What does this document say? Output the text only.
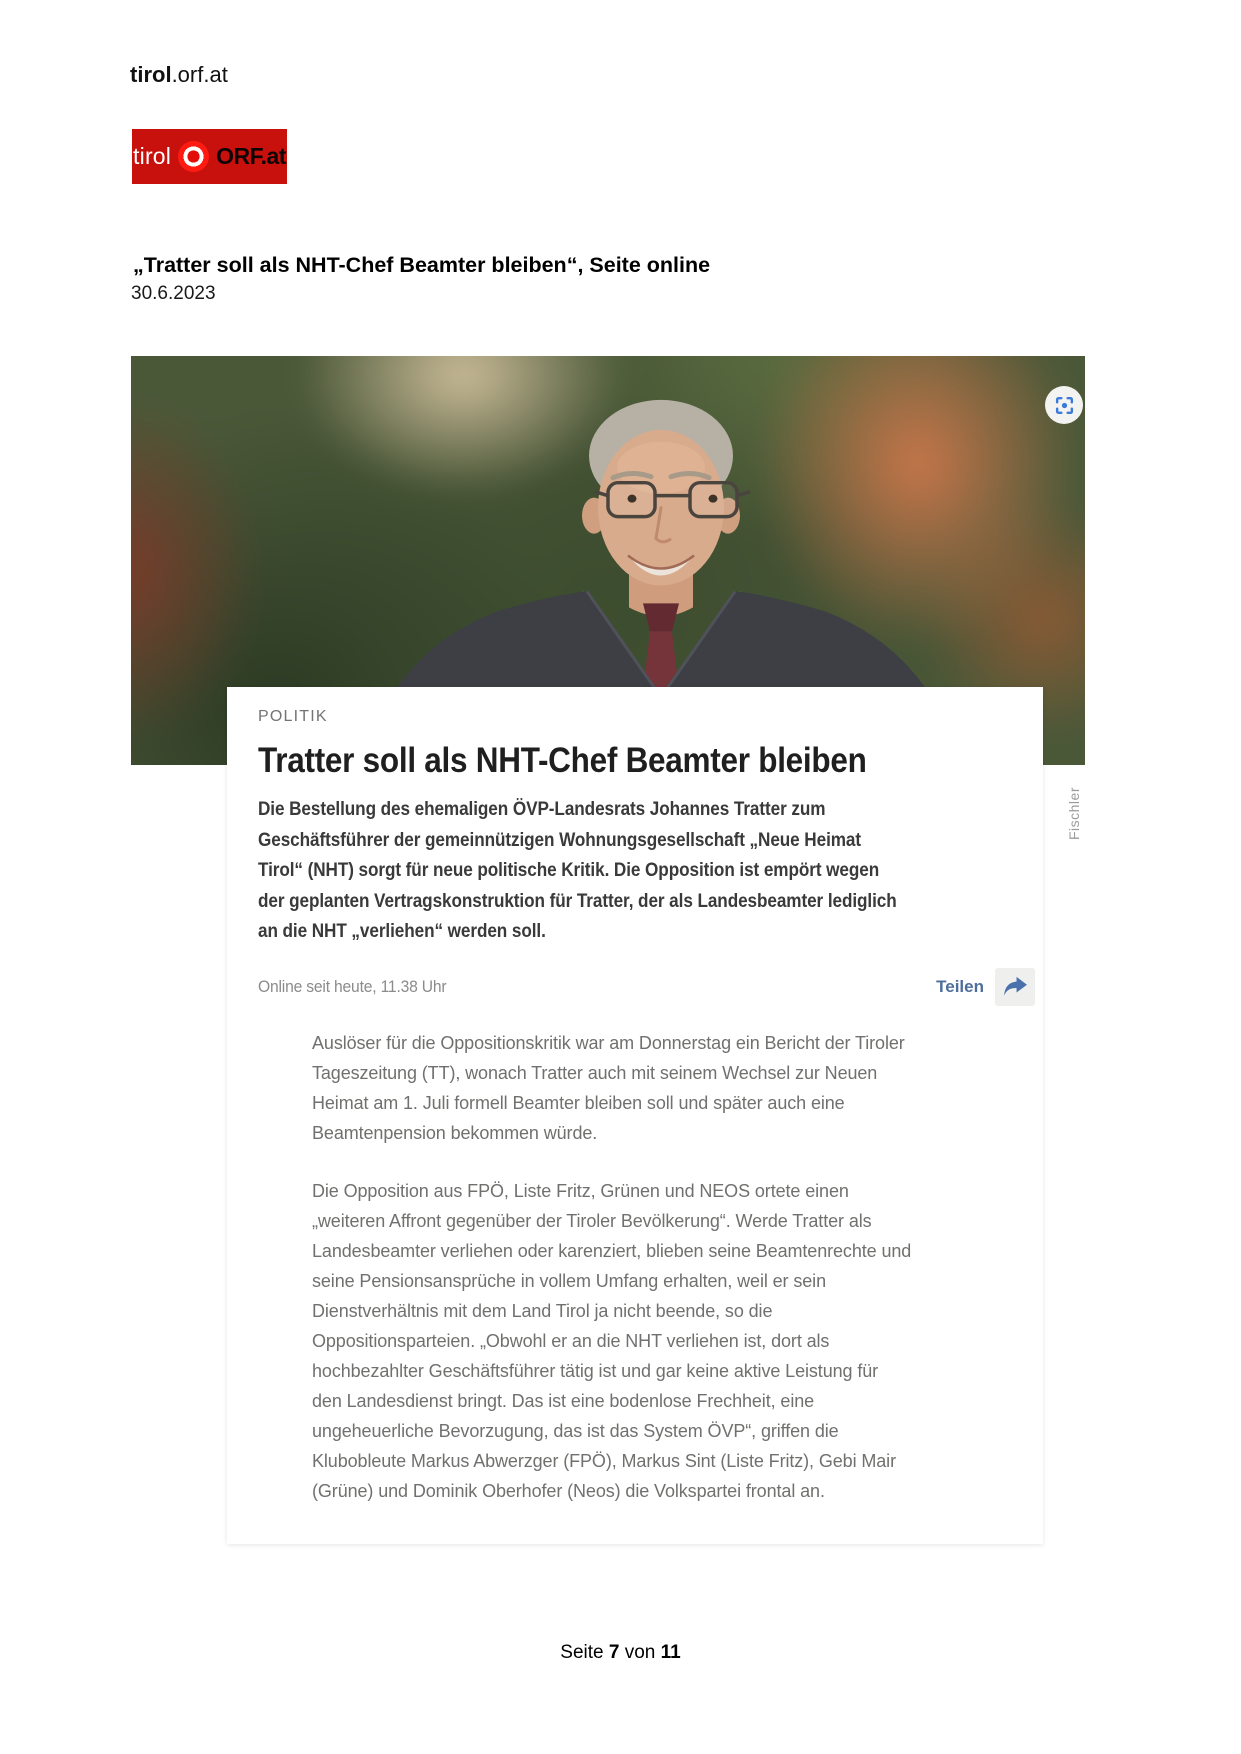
tirol.orf.at
tirol ORF.at
„Tratter soll als NHT-Chef Beamter bleiben“, Seite online
30.6.2023
Fischler
POLITIK
Tratter soll als NHT-Chef Beamter bleiben

Die Bestellung des ehemaligen ÖVP-Landesrats Johannes Tratter zum Geschäftsführer der gemeinnützigen Wohnungsgesellschaft „Neue Heimat Tirol“ (NHT) sorgt für neue politische Kritik. Die Opposition ist empört wegen der geplanten Vertragskonstruktion für Tratter, der als Landesbeamter lediglich an die NHT „verliehen“ werden soll.

Online seit heute, 11.38 Uhr	Teilen

Auslöser für die Oppositionskritik war am Donnerstag ein Bericht der Tiroler Tageszeitung (TT), wonach Tratter auch mit seinem Wechsel zur Neuen Heimat am 1. Juli formell Beamter bleiben soll und später auch eine Beamtenpension bekommen würde.

Die Opposition aus FPÖ, Liste Fritz, Grünen und NEOS ortete einen „weiteren Affront gegenüber der Tiroler Bevölkerung“. Werde Tratter als Landesbeamter verliehen oder karenziert, blieben seine Beamtenrechte und seine Pensionsansprüche in vollem Umfang erhalten, weil er sein Dienstverhältnis mit dem Land Tirol ja nicht beende, so die Oppositionsparteien. „Obwohl er an die NHT verliehen ist, dort als hochbezahlter Geschäftsführer tätig ist und gar keine aktive Leistung für den Landesdienst bringt. Das ist eine bodenlose Frechheit, eine ungeheuerliche Bevorzugung, das ist das System ÖVP“, griffen die Klubobleute Markus Abwerzger (FPÖ), Markus Sint (Liste Fritz), Gebi Mair (Grüne) und Dominik Oberhofer (Neos) die Volkspartei frontal an.

Seite 7 von 11
